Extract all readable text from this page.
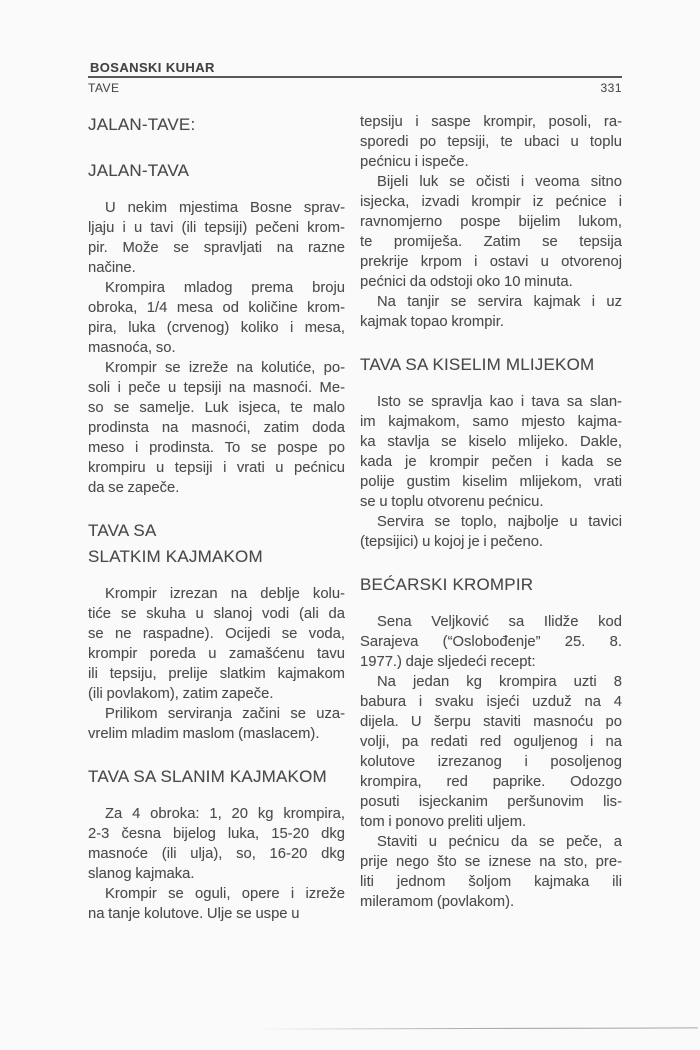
BOSANSKI KUHAR
TAVE	331
JALAN-TAVE:
JALAN-TAVA
U nekim mjestima Bosne sprav-
ljaju i u tavi (ili tepsiji) pečeni krom-
pir. Može se spravljati na razne
načine.
Krompira mladog prema broju
obroka, 1/4 mesa od količine krom-
pira, luka (crvenog) koliko i mesa,
masnoća, so.
Krompir se izreže na kolutiće, po-
soli i peče u tepsiji na masnoći. Me-
so se samelje. Luk isjeca, te malo
prodinsta na masnoći, zatim doda
meso i prodinsta. To se pospe po
krompiru u tepsiji i vrati u pećnicu
da se zapeče.
TAVA SA
SLATKIM KAJMAKOM
Krompir izrezan na deblje kolu-
tiće se skuha u slanoj vodi (ali da
se ne raspadne). Ocijedi se voda,
krompir poreda u zamašćenu tavu
ili tepsiju, prelije slatkim kajmakom
(ili povlakom), zatim zapeče.
Prilikom serviranja začini se uza-
vrelim mladim maslom (maslacem).
TAVA SA SLANIM KAJMAKOM
Za 4 obroka: 1, 20 kg krompira,
2-3 česna bijelog luka, 15-20 dkg
masnoće (ili ulja), so, 16-20 dkg
slanog kajmaka.
Krompir se oguli, opere i izreže
na tanje kolutove. Ulje se uspe u
tepsiju i saspe krompir, posoli, ra-
sporedi po tepsiji, te ubaci u toplu
pećnicu i ispeče.
Bijeli luk se očisti i veoma sitno
isjecka, izvadi krompir iz pećnice i
ravnomjerno pospe bijelim lukom,
te promiješa. Zatim se tepsija
prekrije krpom i ostavi u otvorenoj
pećnici da odstoji oko 10 minuta.
Na tanjir se servira kajmak i uz
kajmak topao krompir.
TAVA SA KISELIM MLIJEKOM
Isto se spravlja kao i tava sa slan-
im kajmakom, samo mjesto kajma-
ka stavlja se kiselo mlijeko. Dakle,
kada je krompir pečen i kada se
polije gustim kiselim mlijekom, vrati
se u toplu otvorenu pećnicu.
Servira se toplo, najbolje u tavici
(tepsijici) u kojoj je i pečeno.
BEĆARSKI KROMPIR
Sena Veljković sa Ilidže kod
Sarajeva (“Oslobođenje” 25. 8.
1977.) daje sljedeći recept:
Na jedan kg krompira uzti 8
babura i svaku isjeći uzduž na 4
dijela. U šerpu staviti masnoću po
volji, pa redati red oguljenog i na
kolutove izrezanog i posoljenog
krompira, red paprike. Odozgo
posuti isjeckanim peršunovim lis-
tom i ponovo preliti uljem.
Staviti u pećnicu da se peče, a
prije nego što se iznese na sto, pre-
liti jednom šoljom kajmaka ili
mileramom (povlakom).
